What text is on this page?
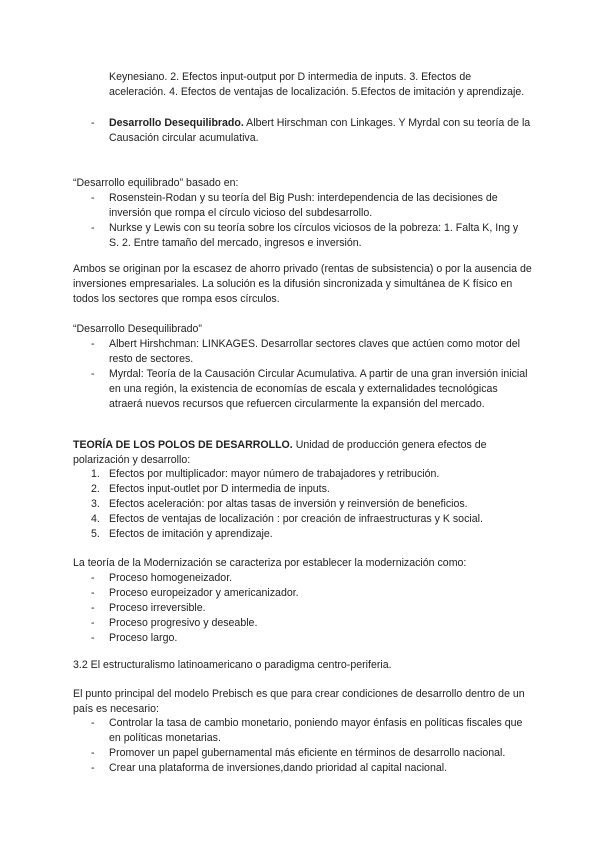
Keynesiano. 2. Efectos input-output por D intermedia de inputs. 3. Efectos de aceleración. 4. Efectos de ventajas de localización. 5.Efectos de imitación y aprendizaje.

- Desarrollo Desequilibrado. Albert Hirschman con Linkages. Y Myrdal con su teoría de la Causación circular acumulativa.

“Desarrollo equilibrado” basado en:

- Rosenstein-Rodan y su teoría del Big Push: interdependencia de las decisiones de inversión que rompa el círculo vicioso del subdesarrollo.
- Nurkse y Lewis con su teoría sobre los círculos viciosos de la pobreza: 1. Falta K, Ing y S. 2. Entre tamaño del mercado, ingresos e inversión.

Ambos se originan por la escasez de ahorro privado (rentas de subsistencia) o por la ausencia de inversiones empresariales. La solución es la difusión sincronizada y simultánea de K físico en todos los sectores que rompa esos círculos.

“Desarrollo Desequilibrado”

- Albert Hirshchman: LINKAGES. Desarrollar sectores claves que actúen como motor del resto de sectores.
- Myrdal: Teoría de la Causación Circular Acumulativa. A partir de una gran inversión inicial en una región, la existencia de economías de escala y externalidades tecnológicas atraerá nuevos recursos que refuercen circularmente la expansión del mercado.

TEORÍA DE LOS POLOS DE DESARROLLO. Unidad de producción genera efectos de polarización y desarrollo:

1. Efectos por multiplicador: mayor número de trabajadores y retribución.
2. Efectos input-outlet por D intermedia de inputs.
3. Efectos aceleración: por altas tasas de inversión y reinversión de beneficios.
4. Efectos de ventajas de localización : por creación de infraestructuras y K social.
5. Efectos de imitación y aprendizaje.

La teoría de la Modernización se caracteriza por establecer la modernización como:

- Proceso homogeneizador.
- Proceso europeizador y americanizador.
- Proceso irreversible.
- Proceso progresivo y deseable.
- Proceso largo.

3.2 El estructuralismo latinoamericano o paradigma centro-periferia.

El punto principal del modelo Prebisch es que para crear condiciones de desarrollo dentro de un país es necesario:

- Controlar la tasa de cambio monetario, poniendo mayor énfasis en políticas fiscales que en políticas monetarias.
- Promover un papel gubernamental más eficiente en términos de desarrollo nacional.
- Crear una plataforma de inversiones,dando prioridad al capital nacional.
